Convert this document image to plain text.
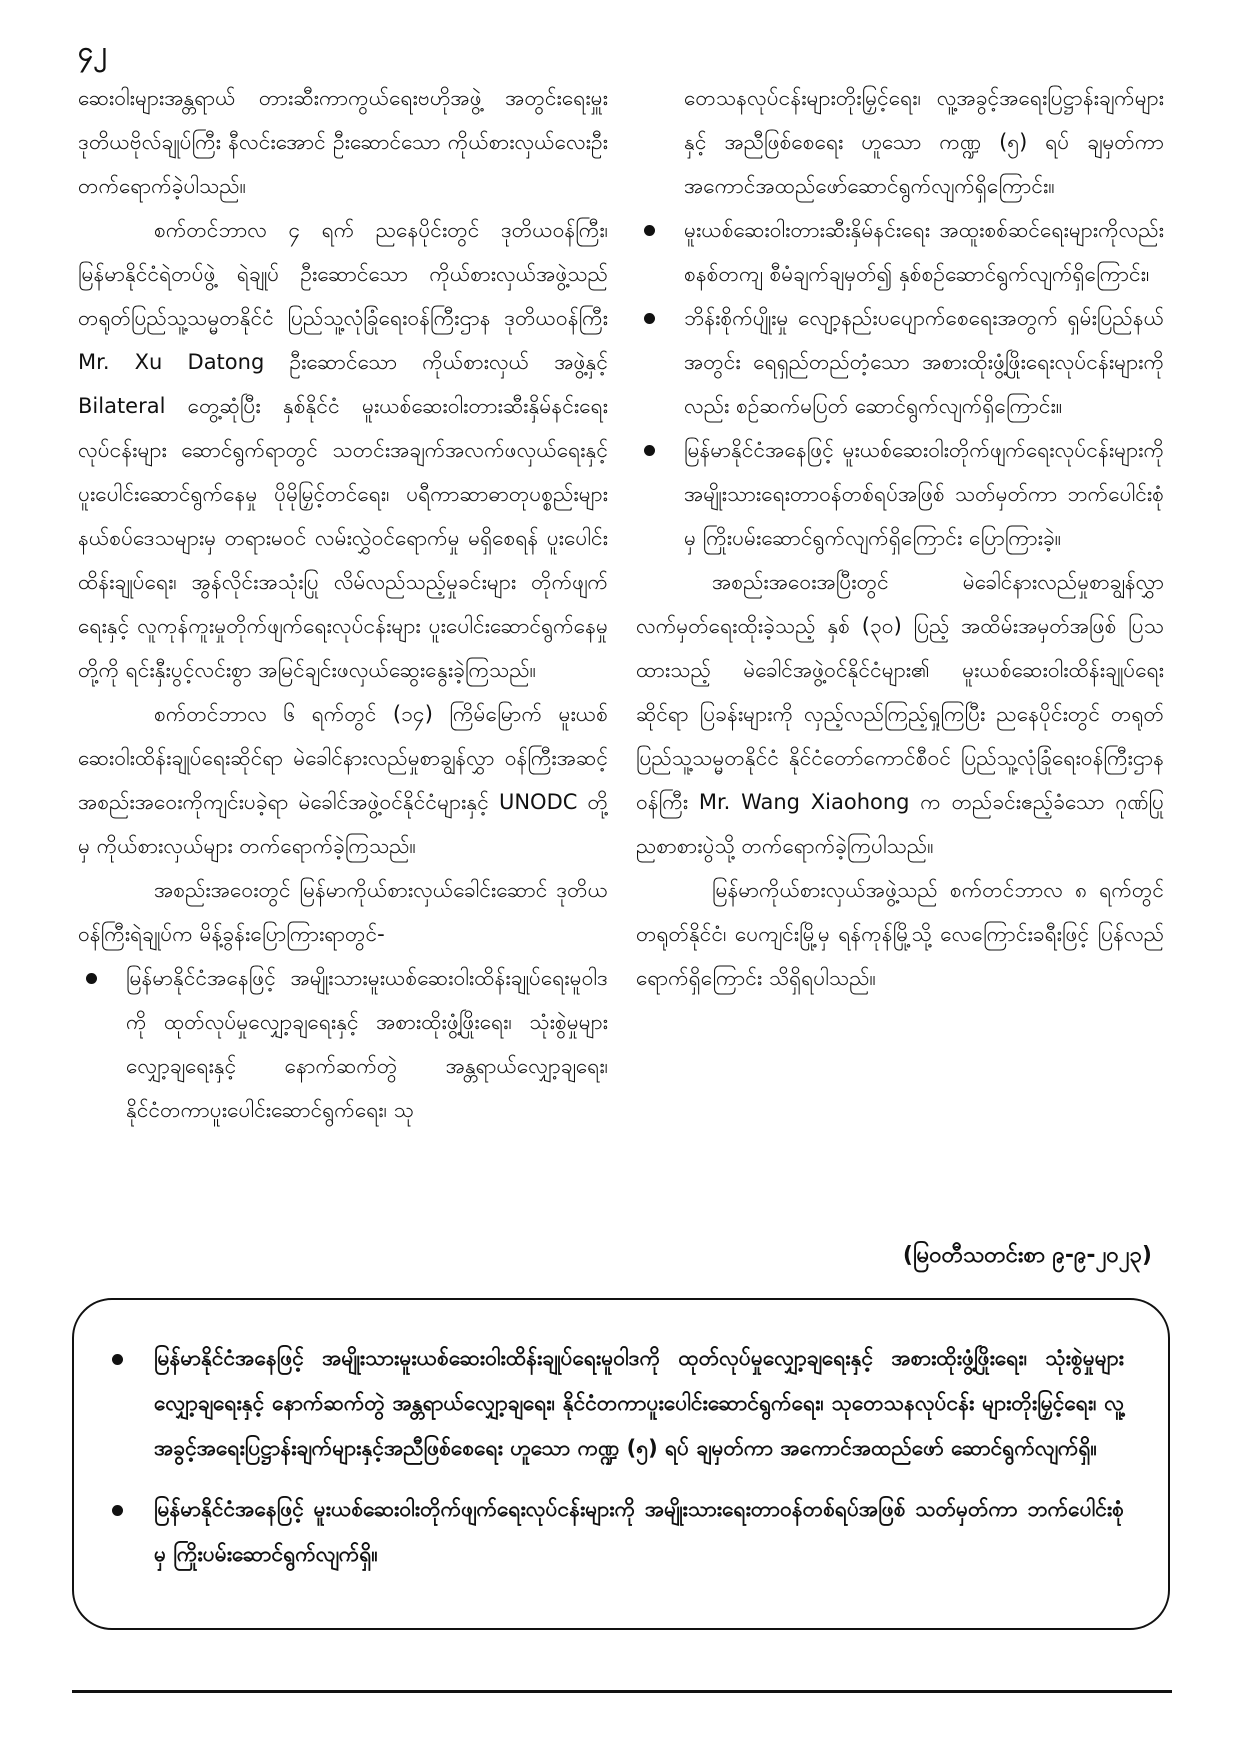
၄၂

ဆေးဝါးများအန္တရာယ် တားဆီးကာကွယ်ရေးဗဟိုအဖွဲ့ အတွင်းရေးမှူး ဒုတိယဗိုလ်ချုပ်ကြီး နီလင်းအောင် ဦးဆောင်သော ကိုယ်စားလှယ်လေးဦး တက်ရောက်ခဲ့ပါသည်။

စက်တင်ဘာလ ၄ ရက် ညနေပိုင်းတွင် ဒုတိယဝန်ကြီး၊ မြန်မာနိုင်ငံရဲတပ်ဖွဲ့ ရဲချုပ် ဦးဆောင်သော ကိုယ်စားလှယ်အဖွဲ့သည် တရုတ်ပြည်သူ့သမ္မတနိုင်ငံ ပြည်သူ့လုံခြုံရေးဝန်ကြီးဌာန ဒုတိယဝန်ကြီး Mr. Xu Datong ဦးဆောင်သော ကိုယ်စားလှယ် အဖွဲ့နှင့် Bilateral တွေ့ဆုံပြီး နှစ်နိုင်ငံ မူးယစ်ဆေးဝါးတားဆီးနှိမ်နင်းရေးလုပ်ငန်းများ ဆောင်ရွက်ရာတွင် သတင်းအချက်အလက်ဖလှယ်ရေးနှင့် ပူးပေါင်းဆောင်ရွက်နေမှု ပိုမိုမြှင့်တင်ရေး၊ ပရီကာဆာဓာတုပစ္စည်းများ နယ်စပ်ဒေသများမှ တရားမဝင် လမ်းလွှဲဝင်ရောက်မှု မရှိစေရန် ပူးပေါင်းထိန်းချုပ်ရေး၊ အွန်လိုင်းအသုံးပြု လိမ်လည်သည့်မှုခင်းများ တိုက်ဖျက်ရေးနှင့် လူကုန်ကူးမှုတိုက်ဖျက်ရေးလုပ်ငန်းများ ပူးပေါင်းဆောင်ရွက်နေမှုတို့ကို ရင်းနှီးပွင့်လင်းစွာ အမြင်ချင်းဖလှယ်ဆွေးနွေးခဲ့ကြသည်။

စက်တင်ဘာလ ၆ ရက်တွင် (၁၄) ကြိမ်မြောက် မူးယစ်ဆေးဝါးထိန်းချုပ်ရေးဆိုင်ရာ မဲခေါင်နားလည်မှုစာချွန်လွှာ ဝန်ကြီးအဆင့်အစည်းအဝေးကိုကျင်းပခဲ့ရာ မဲခေါင်အဖွဲ့ဝင်နိုင်ငံများနှင့် UNODC တို့မှ ကိုယ်စားလှယ်များ တက်ရောက်ခဲ့ကြသည်။

အစည်းအဝေးတွင် မြန်မာကိုယ်စားလှယ်ခေါင်းဆောင် ဒုတိယဝန်ကြီးရဲချုပ်က မိန့်ခွန်းပြောကြားရာတွင်-

မြန်မာနိုင်ငံအနေဖြင့် အမျိုးသားမူးယစ်ဆေးဝါးထိန်းချုပ်ရေးမူဝါဒကို ထုတ်လုပ်မှုလျှော့ချရေးနှင့် အစားထိုးဖွံ့ဖြိုးရေး၊ သုံးစွဲမှုများလျှော့ချရေးနှင့် နောက်ဆက်တွဲ အန္တရာယ်လျှော့ချရေး၊ နိုင်ငံတကာပူးပေါင်းဆောင်ရွက်ရေး၊ သု

တေသနလုပ်ငန်းများတိုးမြှင့်ရေး၊ လူ့အခွင့်အရေးပြဋ္ဌာန်းချက်များနှင့် အညီဖြစ်စေရေး ဟူသော ကဏ္ဍ (၅) ရပ် ချမှတ်ကာအကောင်အထည်ဖော်ဆောင်ရွက်လျက်ရှိကြောင်း။

မူးယစ်ဆေးဝါးတားဆီးနှိမ်နင်းရေး အထူးစစ်ဆင်ရေးများကိုလည်း စနစ်တကျ စီမံချက်ချမှတ်၍ နှစ်စဉ်ဆောင်ရွက်လျက်ရှိကြောင်း၊
ဘိန်းစိုက်ပျိုးမှု လျော့နည်းပပျောက်စေရေးအတွက် ရှမ်းပြည်နယ်အတွင်း ရေရှည်တည်တံ့သော အစားထိုးဖွံ့ဖြိုးရေးလုပ်ငန်းများကိုလည်း စဉ်ဆက်မပြတ် ဆောင်ရွက်လျက်ရှိကြောင်း။
မြန်မာနိုင်ငံအနေဖြင့် မူးယစ်ဆေးဝါးတိုက်ဖျက်ရေးလုပ်ငန်းများကို အမျိုးသားရေးတာဝန်တစ်ရပ်အဖြစ် သတ်မှတ်ကာ ဘက်ပေါင်းစုံမှ ကြိုးပမ်းဆောင်ရွက်လျက်ရှိကြောင်း ပြောကြားခဲ့။

အစည်းအဝေးအပြီးတွင် မဲခေါင်နားလည်မှုစာချွန်လွှာလက်မှတ်ရေးထိုးခဲ့သည့် နှစ် (၃၀) ပြည့် အထိမ်းအမှတ်အဖြစ် ပြသထားသည့် မဲခေါင်အဖွဲ့ဝင်နိုင်ငံများ၏ မူးယစ်ဆေးဝါးထိန်းချုပ်ရေးဆိုင်ရာ ပြခန်းများကို လှည့်လည်ကြည့်ရှုကြပြီး ညနေပိုင်းတွင် တရုတ်ပြည်သူ့သမ္မတနိုင်ငံ နိုင်ငံတော်ကောင်စီဝင် ပြည်သူ့လုံခြုံရေးဝန်ကြီးဌာနဝန်ကြီး Mr. Wang Xiaohong က တည်ခင်းဧည့်ခံသော ဂုဏ်ပြုညစာစားပွဲသို့ တက်ရောက်ခဲ့ကြပါသည်။

မြန်မာကိုယ်စားလှယ်အဖွဲ့သည် စက်တင်ဘာလ ၈ ရက်တွင် တရုတ်နိုင်ငံ၊ ပေကျင်းမြို့မှ ရန်ကုန်မြို့သို့ လေကြောင်းခရီးဖြင့် ပြန်လည်ရောက်ရှိကြောင်း သိရှိရပါသည်။

(မြဝတီသတင်းစာ ၉-၉-၂၀၂၃)
မြန်မာနိုင်ငံအနေဖြင့် အမျိုးသားမူးယစ်ဆေးဝါးထိန်းချုပ်ရေးမူဝါဒကို ထုတ်လုပ်မှုလျှော့ချရေးနှင့် အစားထိုးဖွံ့ဖြိုးရေး၊ သုံးစွဲမှုများလျှော့ချရေးနှင့် နောက်ဆက်တွဲ အန္တရာယ်လျှော့ချရေး၊ နိုင်ငံတကာပူးပေါင်းဆောင်ရွက်ရေး၊ သုတေသနလုပ်ငန်း များတိုးမြှင့်ရေး၊ လူ့အခွင့်အရေးပြဋ္ဌာန်းချက်များနှင့်အညီဖြစ်စေရေး ဟူသော ကဏ္ဍ (၅) ရပ် ချမှတ်ကာ အကောင်အထည်ဖော် ဆောင်ရွက်လျက်ရှိ။
မြန်မာနိုင်ငံအနေဖြင့် မူးယစ်ဆေးဝါးတိုက်ဖျက်ရေးလုပ်ငန်းများကို အမျိုးသားရေးတာဝန်တစ်ရပ်အဖြစ် သတ်မှတ်ကာ ဘက်ပေါင်းစုံမှ ကြိုးပမ်းဆောင်ရွက်လျက်ရှိ။
